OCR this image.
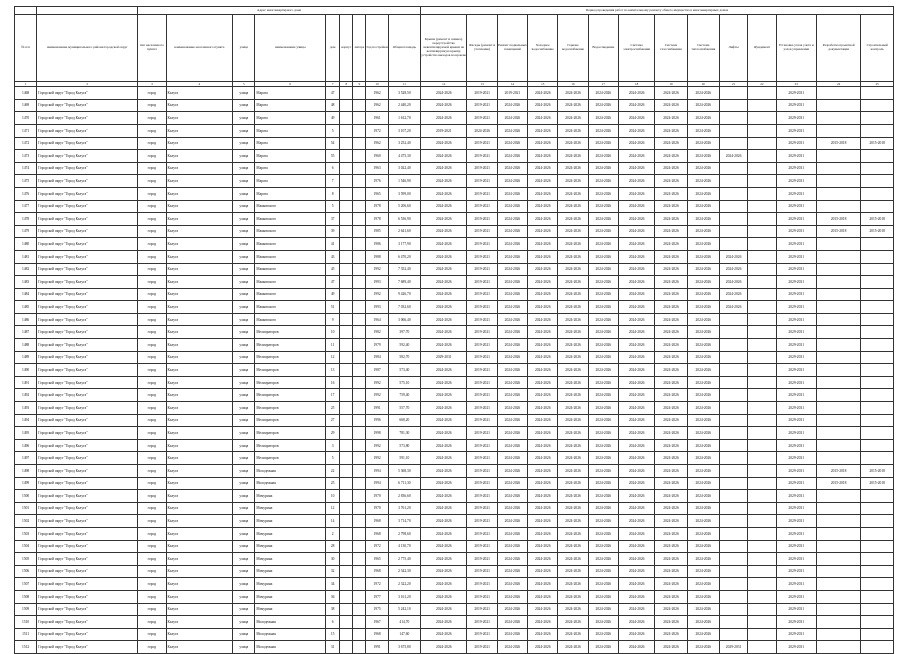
		Адрес многоквартирного дома									Период проведения работ по капитальному ремонту общего имущества в многоквартирных домах													
№ п/п	наименование муниципального района/городской округ	тип населенного пункта	наименование населенного пункта	улица	наименование улицы	дом	корпус	литера	Год постройки	Общая площадь	Крыша (ремонт и замена), переустройство невентилируемой крыши на вентилируемую крышу, устройство выходов на кровлю	Фасады (ремонт и утепление)	Ремонт подвальных помещений	Холодное водоснабжение	Горячее водоснабжение	Водоотведение	Система электроснабжения	Система газоснабжения	Система теплоснабжения	Лифты	Фундамент	Установка узлов учета и узлов управления	Разработка проектной документации	Строительный контроль
1	2	3	4	5	6	7	8	9	10	11	12	13	14	15	16	17	18	19	20	21	22	23	24	25
1468	Городской округ "Город Калуга"	город	Калуга	улица	Марата	47			1962	3 528,50	2024-2026	2019-2021	2019-2021	2024-2026	2024-2026	2024-2026	2024-2026	2024-2026	2024-2026			2029-2031		
1469	Городской округ "Город Калуга"	город	Калуга	улица	Марата	48			1962	2 440,20	2024-2026	2019-2021	2024-2026	2024-2026	2024-2026	2024-2026	2024-2026	2024-2026	2024-2026			2029-2031		
1470	Городской округ "Город Калуга"	город	Калуга	улица	Марата	49			1961	1 612,70	2024-2026	2019-2021	2024-2026	2024-2026	2024-2026	2024-2026	2024-2026	2024-2026	2024-2026			2029-2031		
1471	Городской округ "Город Калуга"	город	Калуга	улица	Марата	5			1972	3 107,20	2019-2021	2024-2026	2024-2026	2024-2026	2024-2026	2024-2026	2024-2026	2024-2026	2024-2026			2029-2031		
1472	Городской округ "Город Калуга"	город	Калуга	улица	Марата	54			1962	3 252,40	2024-2026	2019-2021	2024-2026	2024-2026	2024-2026	2024-2026	2024-2026	2024-2026	2024-2026			2029-2031	2015-2018	2015-2018
1473	Городской округ "Город Калуга"	город	Калуга	улица	Марата	55			1960	4 475,30	2024-2026	2019-2021	2024-2026	2024-2026	2024-2026	2024-2026	2024-2026	2024-2026	2024-2026	2024-2026		2029-2031		
1474	Городской округ "Город Калуга"	город	Калуга	улица	Марата	6			1963	3 022,40	2024-2026	2019-2021	2024-2026	2024-2026	2024-2026	2024-2026	2024-2026	2024-2026	2024-2026			2029-2031		
1475	Городской округ "Город Калуга"	город	Калуга	улица	Марата	7			1976	1 546,90	2024-2026	2019-2021	2024-2026	2024-2026	2024-2026	2024-2026	2024-2026	2024-2026	2024-2026			2029-2031		
1476	Городской округ "Город Калуга"	город	Калуга	улица	Марата	8			1965	3 599,00	2024-2026	2019-2021	2024-2026	2024-2026	2024-2026	2024-2026	2024-2026	2024-2026	2024-2026			2029-2031		
1477	Городской округ "Город Калуга"	город	Калуга	улица	Маяковского	5			1978	5 206,60	2024-2026	2019-2021	2024-2026	2024-2026	2024-2026	2024-2026	2024-2026	2024-2026	2024-2026			2029-2031		
1478	Городской округ "Город Калуга"	город	Калуга	улица	Маяковского	37			1978	6 536,90	2024-2026	2019-2021	2024-2026	2024-2026	2024-2026	2024-2026	2024-2026	2024-2026	2024-2026			2029-2031	2015-2018	2015-2018
1479	Городской округ "Город Калуга"	город	Калуга	улица	Маяковского	39			1985	2 641,60	2024-2026	2019-2021	2024-2026	2024-2026	2024-2026	2024-2026	2024-2026	2024-2026	2024-2026			2029-2031	2015-2018	2015-2018
1480	Городской округ "Город Калуга"	город	Калуга	улица	Маяковского	41			1986	3 177,90	2024-2026	2019-2021	2024-2026	2024-2026	2024-2026	2024-2026	2024-2026	2024-2026	2024-2026			2029-2031		
1481	Городской округ "Город Калуга"	город	Калуга	улица	Маяковского	43			1988	6 470,20	2024-2026	2019-2021	2024-2026	2024-2026	2024-2026	2024-2026	2024-2026	2024-2026	2024-2026	2024-2026		2029-2031		
1482	Городской округ "Город Калуга"	город	Калуга	улица	Маяковского	45			1992	7 352,40	2024-2026	2019-2021	2024-2026	2024-2026	2024-2026	2024-2026	2024-2026	2024-2026	2024-2026	2024-2026		2029-2031		
1483	Городской округ "Город Калуга"	город	Калуга	улица	Маяковского	47			1993	7 689,40	2024-2026	2019-2021	2024-2026	2024-2026	2024-2026	2024-2026	2024-2026	2024-2026	2024-2026	2024-2026		2029-2031		
1484	Городской округ "Город Калуга"	город	Калуга	улица	Маяковского	49			1992	9 426,70	2024-2026	2019-2021	2024-2026	2024-2026	2024-2026	2024-2026	2024-2026	2024-2026	2024-2026	2024-2026		2029-2031		
1485	Городской округ "Город Калуга"	город	Калуга	улица	Маяковского	51			1993	7 032,60	2024-2026	2019-2021	2024-2026	2024-2026	2024-2026	2024-2026	2024-2026	2024-2026	2024-2026	2024-2026		2029-2031		
1486	Городской округ "Город Калуга"	город	Калуга	улица	Маяковского	9			1964	3 066,40	2024-2026	2019-2021	2024-2026	2024-2026	2024-2026	2024-2026	2024-2026	2024-2026	2024-2026			2029-2031		
1487	Городской округ "Город Калуга"	город	Калуга	улица	Мелиораторов	10			1982	397,70	2024-2026	2019-2021	2024-2026	2024-2026	2024-2026	2024-2026	2024-2026	2024-2026	2024-2026			2029-2031		
1488	Городской округ "Город Калуга"	город	Калуга	улица	Мелиораторов	11			1979	592,40	2024-2026	2019-2021	2024-2026	2024-2026	2024-2026	2024-2026	2024-2026	2024-2026	2024-2026			2029-2031		
1489	Городской округ "Город Калуга"	город	Калуга	улица	Мелиораторов	12			1984	582,70	2029-2031	2019-2021	2024-2026	2024-2026	2024-2026	2024-2026	2024-2026	2024-2026	2024-2026			2029-2031		
1490	Городской округ "Город Калуга"	город	Калуга	улица	Мелиораторов	13			1987	573,40	2024-2026	2019-2021	2024-2026	2024-2026	2024-2026	2024-2026	2024-2026	2024-2026	2024-2026			2029-2031		
1491	Городской округ "Город Калуга"	город	Калуга	улица	Мелиораторов	16			1992	575,10	2024-2026	2019-2021	2024-2026	2024-2026	2024-2026	2024-2026	2024-2026	2024-2026	2024-2026			2029-2031		
1492	Городской округ "Город Калуга"	город	Калуга	улица	Мелиораторов	17			1992	759,40	2024-2026	2019-2021	2024-2026	2024-2026	2024-2026	2024-2026	2024-2026	2024-2026	2024-2026			2029-2031		
1493	Городской округ "Город Калуга"	город	Калуга	улица	Мелиораторов	25			1991	557,70	2024-2026	2019-2021	2024-2026	2024-2026	2024-2026	2024-2026	2024-2026	2024-2026	2024-2026			2029-2031		
1494	Городской округ "Город Калуга"	город	Калуга	улица	Мелиораторов	27			1996	668,20	2024-2026	2019-2021	2024-2026	2024-2026	2024-2026	2024-2026	2024-2026	2024-2026	2024-2026			2029-2031		
1495	Городской округ "Город Калуга"	город	Калуга	улица	Мелиораторов	29			1998	781,30	2024-2026	2019-2021	2024-2026	2024-2026	2024-2026	2024-2026	2024-2026	2024-2026	2024-2026			2029-2031		
1496	Городской округ "Город Калуга"	город	Калуга	улица	Мелиораторов	3			1992	573,80	2024-2026	2019-2021	2024-2026	2024-2026	2024-2026	2024-2026	2024-2026	2024-2026	2024-2026			2029-2031		
1497	Городской округ "Город Калуга"	город	Калуга	улица	Мелиораторов	5			1992	591,10	2024-2026	2019-2021	2024-2026	2024-2026	2024-2026	2024-2026	2024-2026	2024-2026	2024-2026			2029-2031		
1498	Городской округ "Город Калуга"	город	Калуга	улица	Молодежная	22			1994	5 368,30	2024-2026	2019-2021	2024-2026	2024-2026	2024-2026	2024-2026	2024-2026	2024-2026	2024-2026			2029-2031	2015-2018	2015-2018
1499	Городской округ "Город Калуга"	город	Калуга	улица	Молодежная	25			1994	6 711,30	2024-2026	2019-2021	2024-2026	2024-2026	2024-2026	2024-2026	2024-2026	2024-2026	2024-2026			2029-2031	2015-2018	2015-2018
1500	Городской округ "Город Калуга"	город	Калуга	улица	Мичурина	10			1970	2 836,60	2024-2026	2019-2021	2024-2026	2024-2026	2024-2026	2024-2026	2024-2026	2024-2026	2024-2026			2029-2031		
1501	Городской округ "Город Калуга"	город	Калуга	улица	Мичурина	12			1970	3 761,20	2024-2026	2019-2021	2024-2026	2024-2026	2024-2026	2024-2026	2024-2026	2024-2026	2024-2026			2029-2031		
1502	Городской округ "Город Калуга"	город	Калуга	улица	Мичурина	14			1968	3 714,70	2024-2026	2019-2021	2024-2026	2024-2026	2024-2026	2024-2026	2024-2026	2024-2026	2024-2026			2029-2031		
1503	Городской округ "Город Калуга"	город	Калуга	улица	Мичурина	2			1968	2 798,60	2024-2026	2019-2021	2024-2026	2024-2026	2024-2026	2024-2026	2024-2026	2024-2026	2024-2026			2029-2031		
1504	Городской округ "Город Калуга"	город	Калуга	улица	Мичурина	28			1972	4 130,70	2024-2026	2019-2021	2024-2026	2024-2026	2024-2026	2024-2026	2024-2026	2024-2026	2024-2026			2029-2031		
1505	Городской округ "Город Калуга"	город	Калуга	улица	Мичурина	30			1965	2 775,40	2024-2026	2019-2021	2024-2026	2024-2026	2024-2026	2024-2026	2024-2026	2024-2026	2024-2026			2029-2031		
1506	Городской округ "Город Калуга"	город	Калуга	улица	Мичурина	32			1968	2 342,30	2024-2026	2019-2021	2024-2026	2024-2026	2024-2026	2024-2026	2024-2026	2024-2026	2024-2026			2029-2031		
1507	Городской округ "Город Калуга"	город	Калуга	улица	Мичурина	34			1972	2 322,20	2024-2026	2019-2021	2024-2026	2024-2026	2024-2026	2024-2026	2024-2026	2024-2026	2024-2026			2029-2031		
1508	Городской округ "Город Калуга"	город	Калуга	улица	Мичурина	36			1977	3 161,20	2024-2026	2019-2021	2024-2026	2024-2026	2024-2026	2024-2026	2024-2026	2024-2026	2024-2026			2029-2031		
1509	Городской округ "Город Калуга"	город	Калуга	улица	Мичурина	38			1975	5 242,10	2024-2026	2019-2021	2024-2026	2024-2026	2024-2026	2024-2026	2024-2026	2024-2026	2024-2026			2029-2031		
1510	Городской округ "Город Калуга"	город	Калуга	улица	Молодежная	6			1967	414,70	2024-2026	2019-2021	2024-2026	2024-2026	2024-2026	2024-2026	2024-2026	2024-2026	2024-2026			2029-2031		
1511	Городской округ "Город Калуга"	город	Калуга	улица	Молодежная	15			1968	147,60	2024-2026	2019-2021	2024-2026	2024-2026	2024-2026	2024-2026	2024-2026	2024-2026	2024-2026			2029-2031		
1512	Городской округ "Город Калуга"	город	Калуга	улица	Молодежная	31			1991	3 675,80	2024-2026	2019-2021	2024-2026	2024-2026	2024-2026	2024-2026	2024-2026	2024-2026	2024-2026	2029-2031		2029-2031		
